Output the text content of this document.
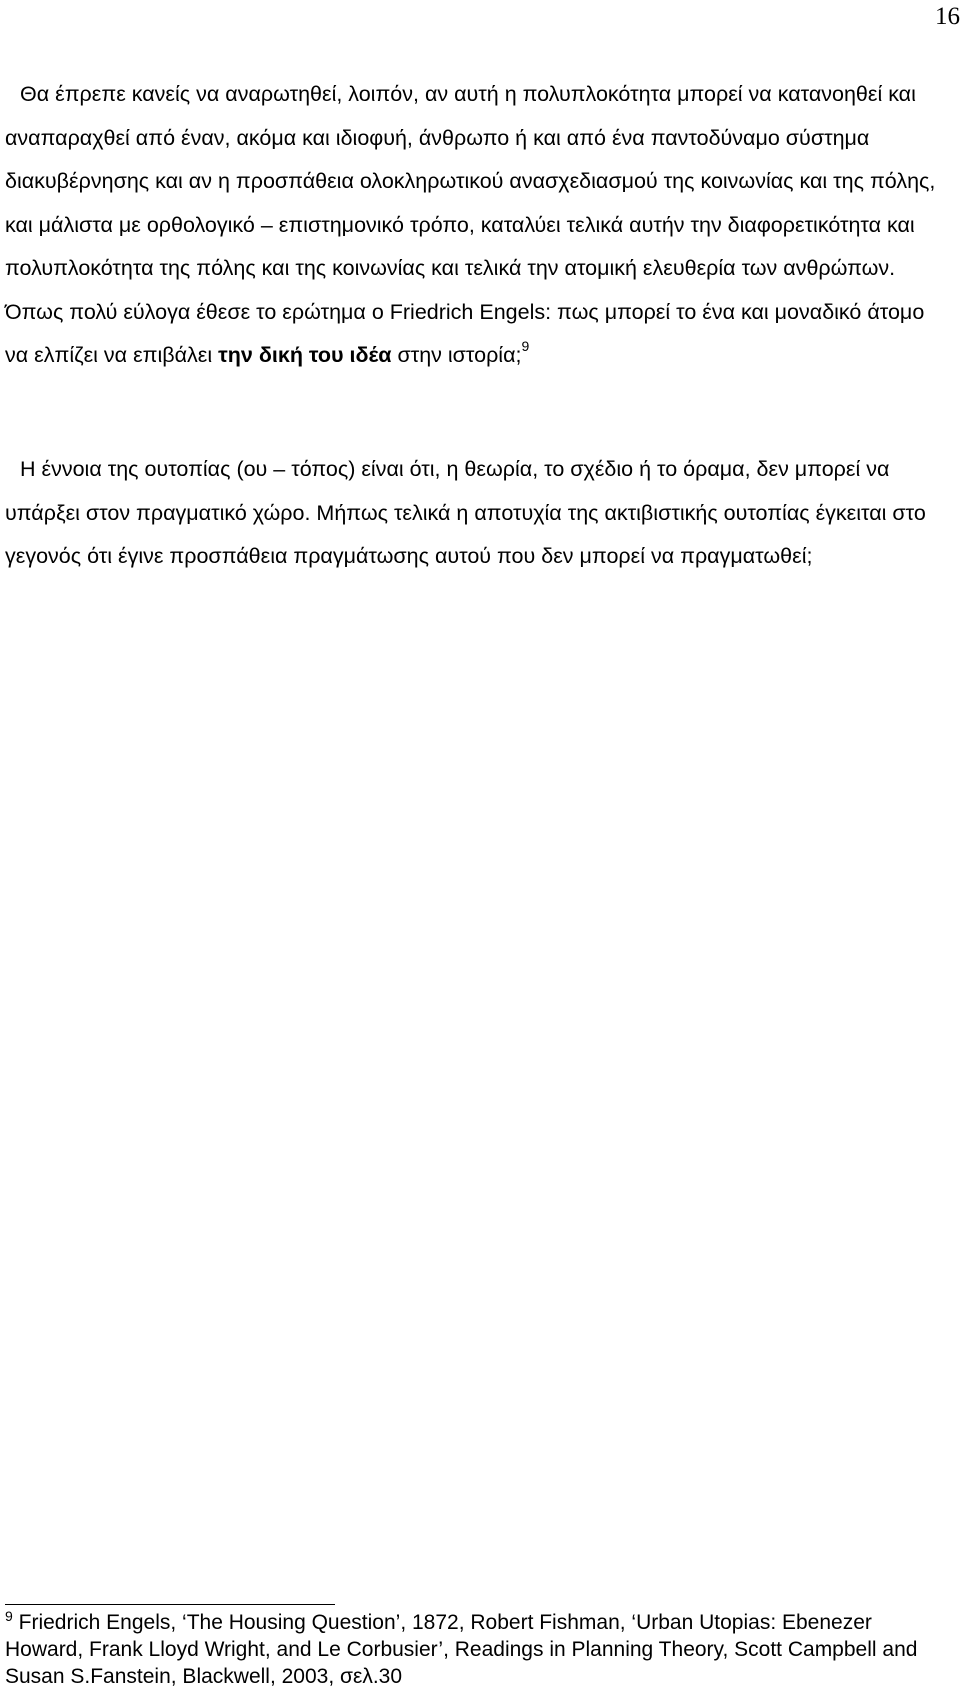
16

Θα έπρεπε κανείς να αναρωτηθεί, λοιπόν, αν αυτή η πολυπλοκότητα μπορεί να κατανοηθεί και αναπαραχθεί από έναν, ακόμα και ιδιοφυή, άνθρωπο ή και από ένα παντοδύναμο σύστημα διακυβέρνησης και αν η προσπάθεια ολοκληρωτικού ανασχεδιασμού της κοινωνίας και της πόλης, και μάλιστα με ορθολογικό – επιστημονικό τρόπο, καταλύει τελικά αυτήν την διαφορετικότητα και πολυπλοκότητα της πόλης και της κοινωνίας και τελικά την ατομική ελευθερία των ανθρώπων. Όπως πολύ εύλογα έθεσε το ερώτημα ο Friedrich Engels: πως μπορεί το ένα και μοναδικό άτομο να ελπίζει να επιβάλει την δική του ιδέα στην ιστορία;$^9$

Η έννοια της ουτοπίας (ου – τόπος) είναι ότι, η θεωρία, το σχέδιο ή το όραμα, δεν μπορεί να υπάρξει στον πραγματικό χώρο. Μήπως τελικά η αποτυχία της ακτιβιστικής ουτοπίας έγκειται στο γεγονός ότι έγινε προσπάθεια πραγμάτωσης αυτού που δεν μπορεί να πραγματωθεί;

$^9$ Friedrich Engels, ‘The Housing Question’, 1872, Robert Fishman, ‘Urban Utopias: Ebenezer Howard, Frank Lloyd Wright, and Le Corbusier’, Readings in Planning Theory, Scott Campbell and Susan S.Fanstein, Blackwell, 2003, σελ.30
